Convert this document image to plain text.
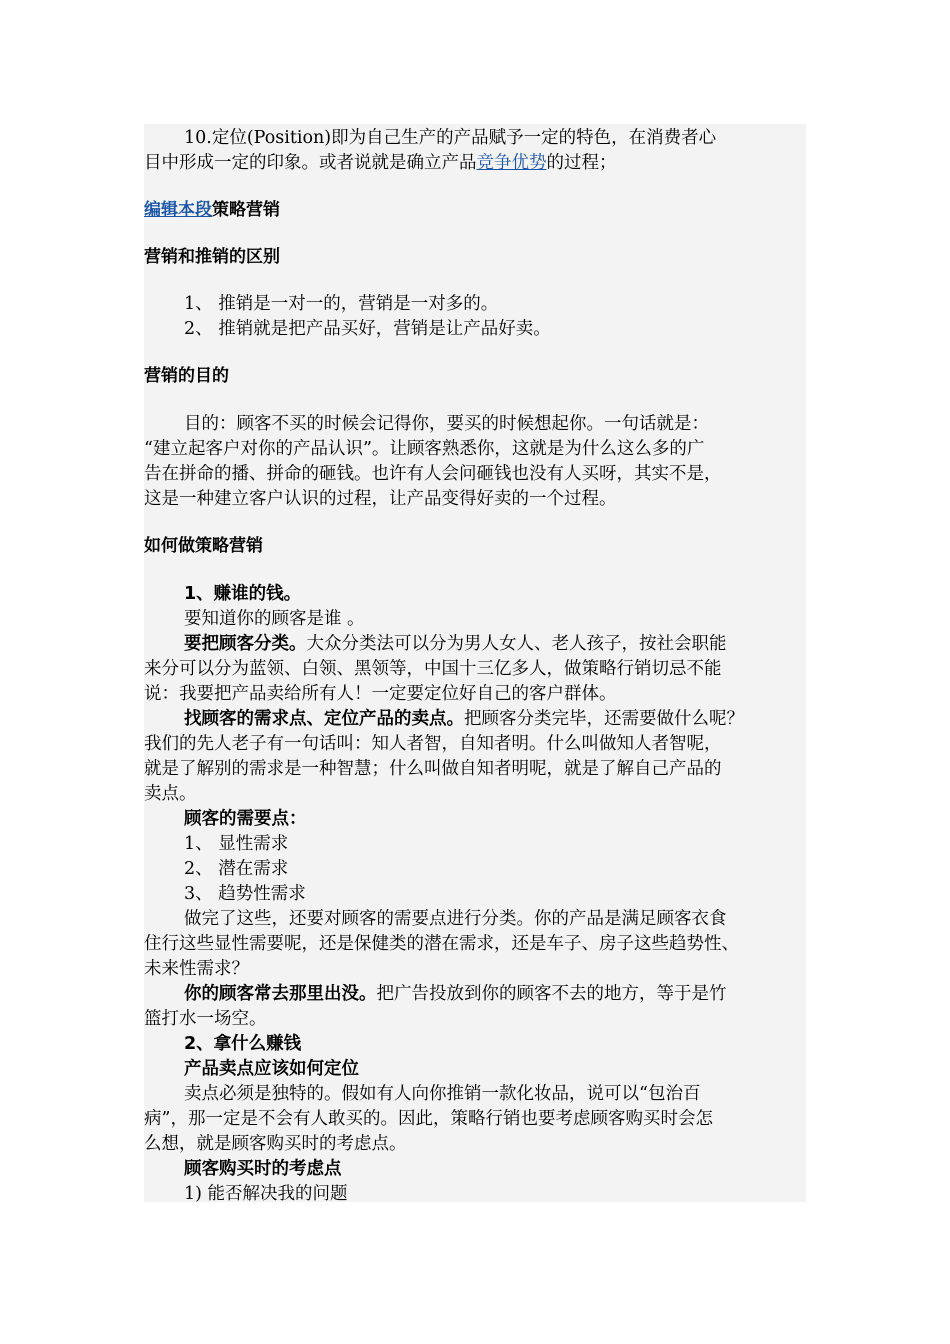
10.定位(Position)即为自己生产的产品赋予一定的特色，在消费者心
目中形成一定的印象。或者说就是确立产品竞争优势的过程；
编辑本段策略营销
营销和推销的区别
1、 推销是一对一的，营销是一对多的。
2、 推销就是把产品买好，营销是让产品好卖。
营销的目的
目的：顾客不买的时候会记得你，要买的时候想起你。一句话就是：
“建立起客户对你的产品认识”。让顾客熟悉你，这就是为什么这么多的广
告在拼命的播、拼命的砸钱。也许有人会问砸钱也没有人买呀，其实不是，
这是一种建立客户认识的过程，让产品变得好卖的一个过程。
如何做策略营销
1、赚谁的钱。
要知道你的顾客是谁 。
要把顾客分类。大众分类法可以分为男人女人、老人孩子，按社会职能
来分可以分为蓝领、白领、黑领等，中国十三亿多人，做策略行销切忌不能
说：我要把产品卖给所有人！一定要定位好自己的客户群体。
找顾客的需求点、定位产品的卖点。把顾客分类完毕，还需要做什么呢？
我们的先人老子有一句话叫：知人者智，自知者明。什么叫做知人者智呢，
就是了解别的需求是一种智慧；什么叫做自知者明呢，就是了解自己产品的
卖点。
顾客的需要点：
1、 显性需求
2、 潜在需求
3、 趋势性需求
做完了这些，还要对顾客的需要点进行分类。你的产品是满足顾客衣食
住行这些显性需要呢，还是保健类的潜在需求，还是车子、房子这些趋势性、
未来性需求？
你的顾客常去那里出没。把广告投放到你的顾客不去的地方，等于是竹
篮打水一场空。
2、拿什么赚钱
产品卖点应该如何定位
卖点必须是独特的。假如有人向你推销一款化妆品，说可以“包治百
病”，那一定是不会有人敢买的。因此，策略行销也要考虑顾客购买时会怎
么想，就是顾客购买时的考虑点。
顾客购买时的考虑点
1) 能否解决我的问题
